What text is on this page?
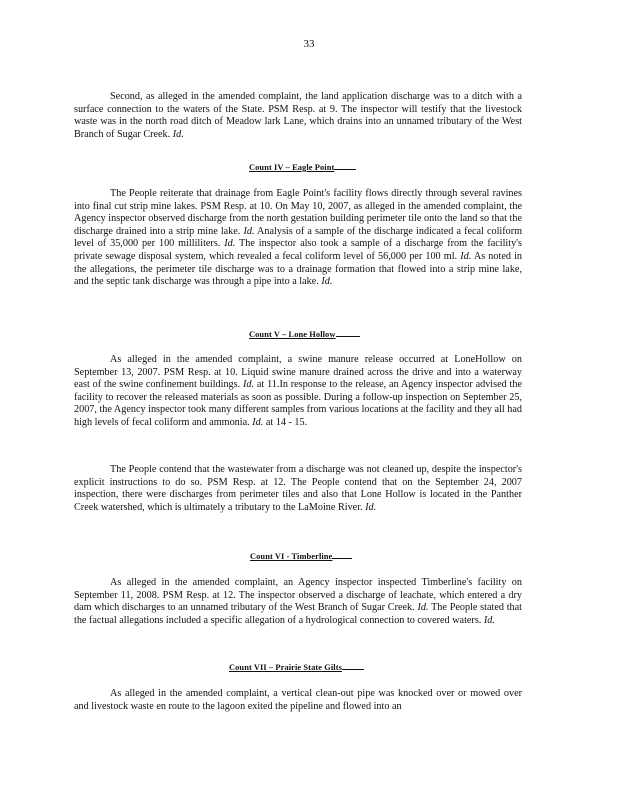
33

Second, as alleged in the amended complaint, the land application discharge was to a ditch with a surface connection to the waters of the State. PSM Resp. at 9. The inspector will testify that the livestock waste was in the north road ditch of Meadow lark Lane, which drains into an unnamed tributary of the West Branch of Sugar Creek. Id.

Count IV – Eagle Point

The People reiterate that drainage from Eagle Point's facility flows directly through several ravines into final cut strip mine lakes. PSM Resp. at 10. On May 10, 2007, as alleged in the amended complaint, the Agency inspector observed discharge from the north gestation building perimeter tile onto the land so that the discharge drained into a strip mine lake. Id. Analysis of a sample of the discharge indicated a fecal coliform level of 35,000 per 100 milliliters. Id. The inspector also took a sample of a discharge from the facility's private sewage disposal system, which revealed a fecal coliform level of 56,000 per 100 ml. Id. As noted in the allegations, the perimeter tile discharge was to a drainage formation that flowed into a strip mine lake, and the septic tank discharge was through a pipe into a lake. Id.

Count V – Lone Hollow

As alleged in the amended complaint, a swine manure release occurred at LoneHollow on September 13, 2007. PSM Resp. at 10. Liquid swine manure drained across the drive and into a waterway east of the swine confinement buildings. Id. at 11.In response to the release, an Agency inspector advised the facility to recover the released materials as soon as possible. During a follow-up inspection on September 25, 2007, the Agency inspector took many different samples from various locations at the facility and they all had high levels of fecal coliform and ammonia. Id. at 14 - 15.

The People contend that the wastewater from a discharge was not cleaned up, despite the inspector's explicit instructions to do so. PSM Resp. at 12. The People contend that on the September 24, 2007 inspection, there were discharges from perimeter tiles and also that Lone Hollow is located in the Panther Creek watershed, which is ultimately a tributary to the LaMoine River. Id.

Count VI - Timberline

As alleged in the amended complaint, an Agency inspector inspected Timberline's facility on September 11, 2008. PSM Resp. at 12. The inspector observed a discharge of leachate, which entered a dry dam which discharges to an unnamed tributary of the West Branch of Sugar Creek. Id. The People stated that the factual allegations included a specific allegation of a hydrological connection to covered waters. Id.

Count VII – Prairie State Gilts

As alleged in the amended complaint, a vertical clean-out pipe was knocked over or mowed over and livestock waste en route to the lagoon exited the pipeline and flowed into an
